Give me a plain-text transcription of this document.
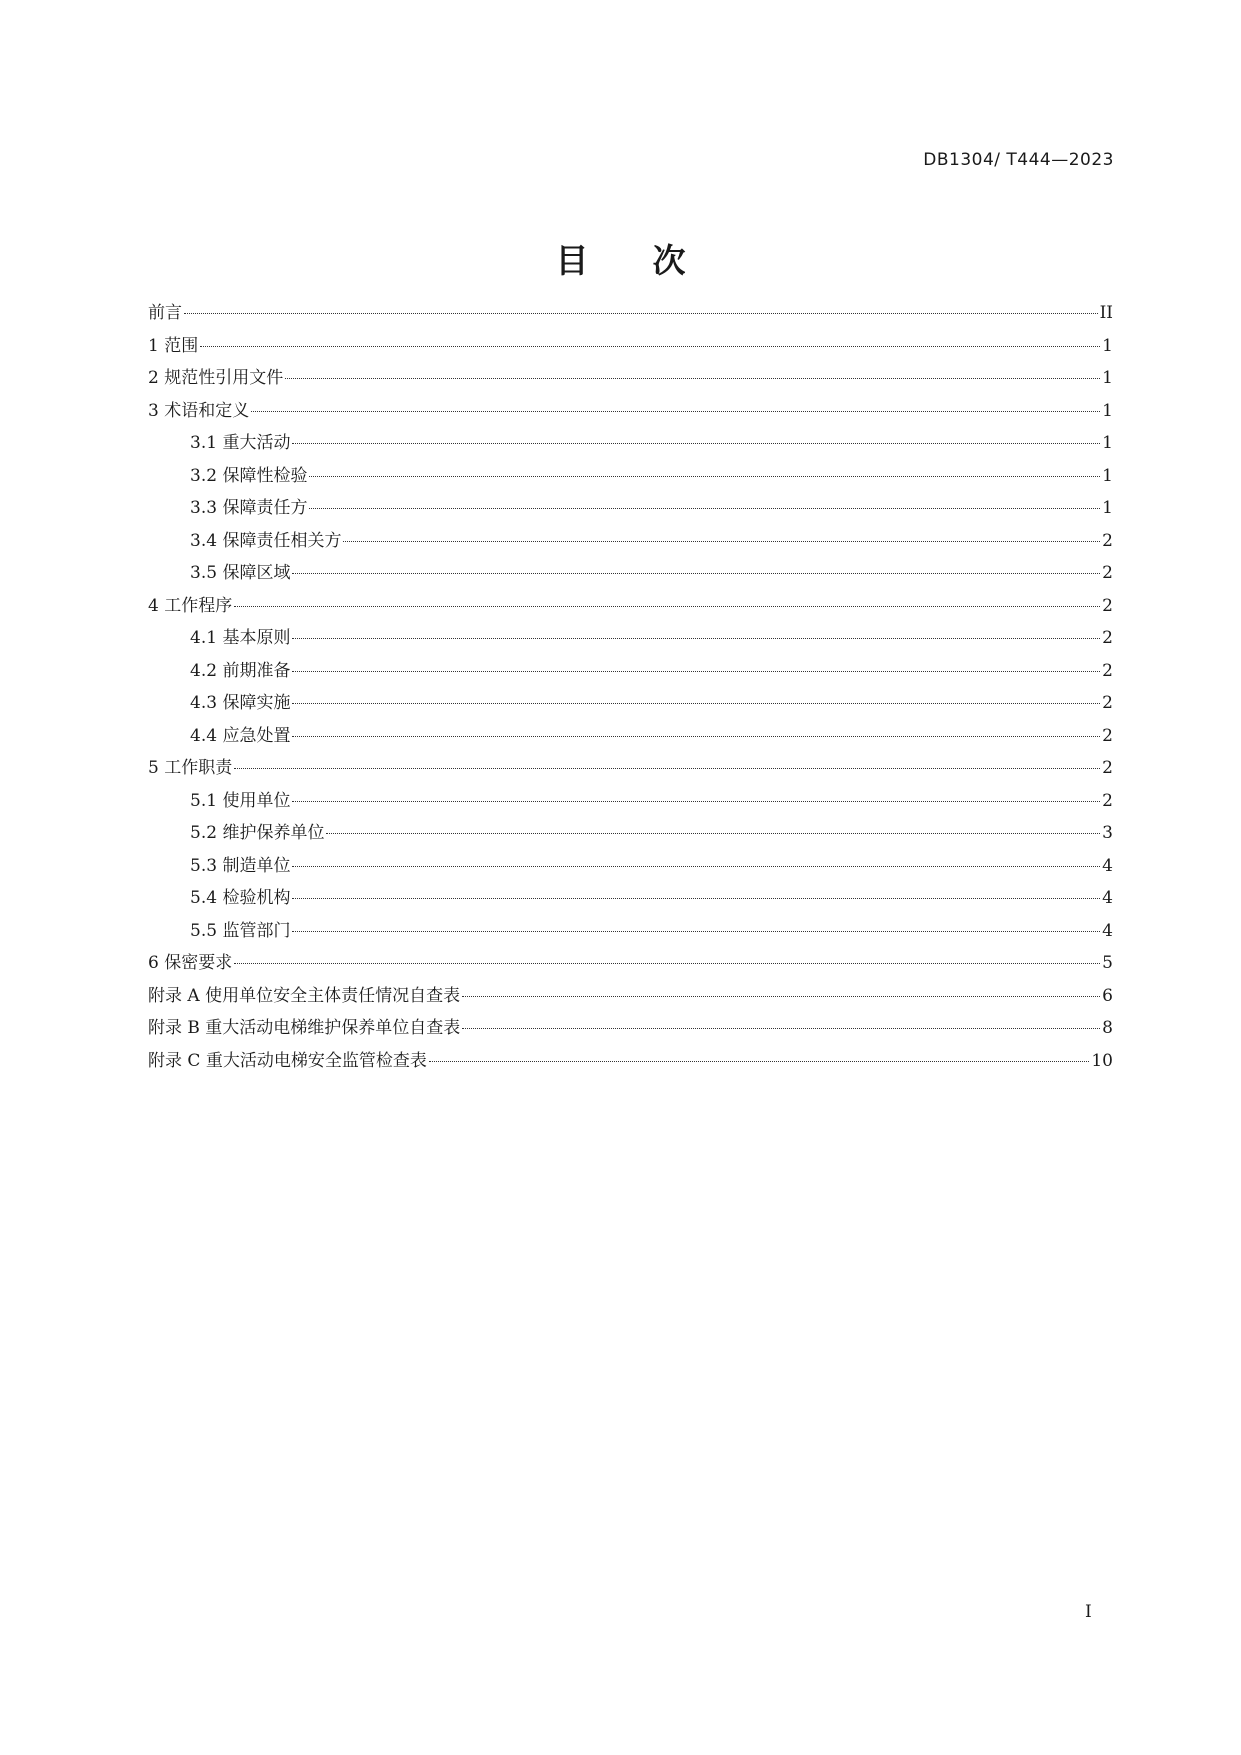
DB1304/ T444—2023
目 次
前言	II
1 范围	1
2 规范性引用文件	1
3 术语和定义	1
3.1 重大活动	1
3.2 保障性检验	1
3.3 保障责任方	1
3.4 保障责任相关方	2
3.5 保障区域	2
4 工作程序	2
4.1 基本原则	2
4.2 前期准备	2
4.3 保障实施	2
4.4 应急处置	2
5 工作职责	2
5.1 使用单位	2
5.2 维护保养单位	3
5.3 制造单位	4
5.4 检验机构	4
5.5 监管部门	4
6 保密要求	5
附录 A 使用单位安全主体责任情况自查表	6
附录 B 重大活动电梯维护保养单位自查表	8
附录 C 重大活动电梯安全监管检查表	10
I
